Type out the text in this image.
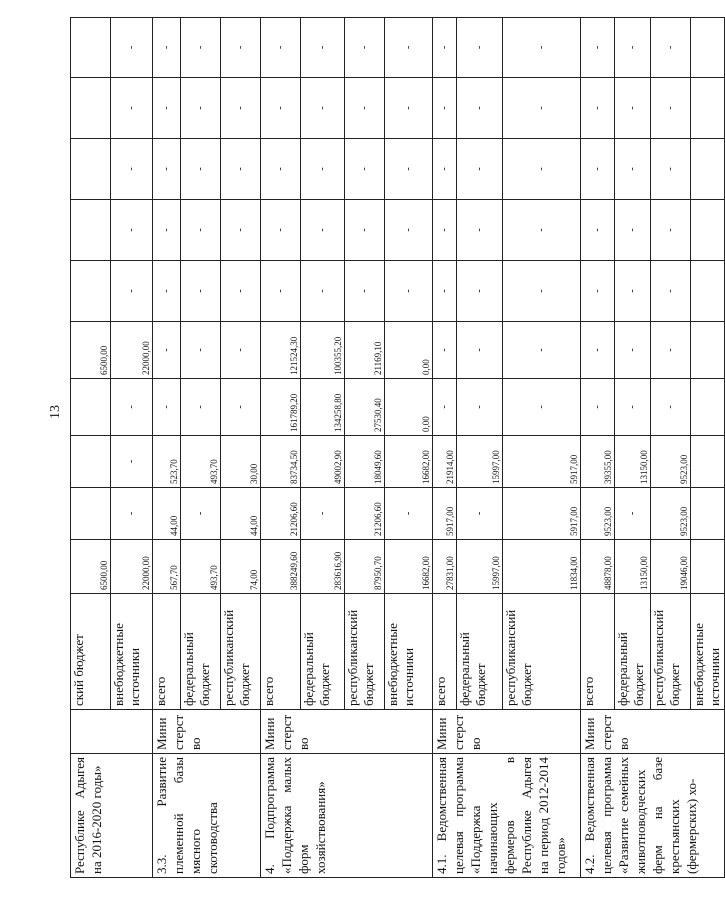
13
Республике Адыгея на 2016-2020 годы»		ский бюджет	6500,00				6500,00					
		внебюджетные источники	22000,00	-	-	-	22000,00	-	-	-	-	-
3.3. Развитие племенной базы мясного скотоводства	Министерство	всего	567,70	44,00	523,70	-	-	-	-	-	-	-
		федеральный бюджет	493,70	-	493,70	-	-	-	-	-	-	-
		республиканский бюджет	74,00	44,00	30,00	-	-	-	-	-	-	-
4. Подпрограмма «Поддержка малых форм хозяйствования»	Министерство	всего	388249,60	21206,60	83734,50	161789,20	121524,30	-	-	-	-	-
		федеральный бюджет	283616,90	-	49002,90	134258,80	100355,20	-	-	-	-	-
		республиканский бюджет	87950,70	21206,60	18049,60	27530,40	21169,10	-	-	-	-	-
		внебюджетные источники	16682,00	-	16682,00	0,00	0,00	-	-	-	-	-
4.1. Ведомственная целевая программа «Поддержка начинающих фермеров в Республике Адыгея на период 2012-2014 годов»	Министерство	всего	27831,00	5917,00	21914,00	-	-	-	-	-	-	-
		федеральный бюджет	15997,00	-	15997,00	-	-	-	-	-	-	-
		республиканский бюджет	11834,00	5917,00	5917,00	-	-	-	-	-	-	-
4.2. Ведомственная целевая программа «Развитие семейных животноводческих ферм на базе крестьянских (фермерских) хо-	Министерство	всего	48878,00	9523,00	39355,00	-	-	-	-	-	-	-
		федеральный бюджет	13150,00	-	13150,00	-	-	-	-	-	-	-
		республиканский бюджет	19046,00	9523,00	9523,00	-	-	-	-	-	-	-
		внебюджетные источники										
